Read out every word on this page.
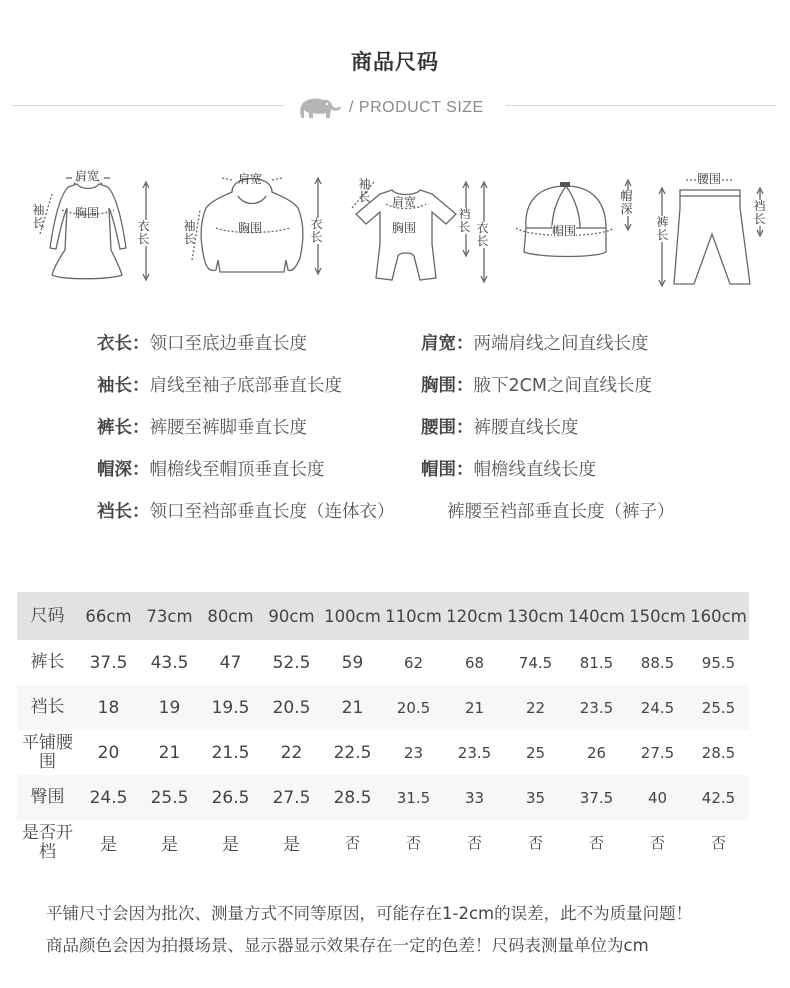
商品尺码
/ PRODUCT SIZE
肩宽
袖长
胸围
衣长
肩宽
袖长
胸围	衣长
袖长 肩宽
胸围
裆长 衣长
帽围
帽深
腰围
裤长
裆长
衣长：领口至底边垂直长度	肩宽：两端肩线之间直线长度
袖长：肩线至袖子底部垂直长度	胸围：腋下2CM之间直线长度
裤长：裤腰至裤脚垂直长度	腰围：裤腰直线长度
帽深：帽檐线至帽顶垂直长度	帽围：帽檐线直线长度
裆长：领口至裆部垂直长度（连体衣）	裤腰至裆部垂直长度（裤子）
尺码	66cm	73cm	80cm	90cm	100cm	110cm	120cm	130cm	140cm	150cm	160cm
裤长	37.5	43.5	47	52.5	59	62	68	74.5	81.5	88.5	95.5
裆长	18	19	19.5	20.5	21	20.5	21	22	23.5	24.5	25.5
平铺腰围	20	21	21.5	22	22.5	23	23.5	25	26	27.5	28.5
臀围	24.5	25.5	26.5	27.5	28.5	31.5	33	35	37.5	40	42.5
是否开档	是	是	是	是	否	否	否	否	否	否	否
平铺尺寸会因为批次、测量方式不同等原因，可能存在1-2cm的误差，此不为质量问题！
商品颜色会因为拍摄场景、显示器显示效果存在一定的色差！尺码表测量单位为cm
